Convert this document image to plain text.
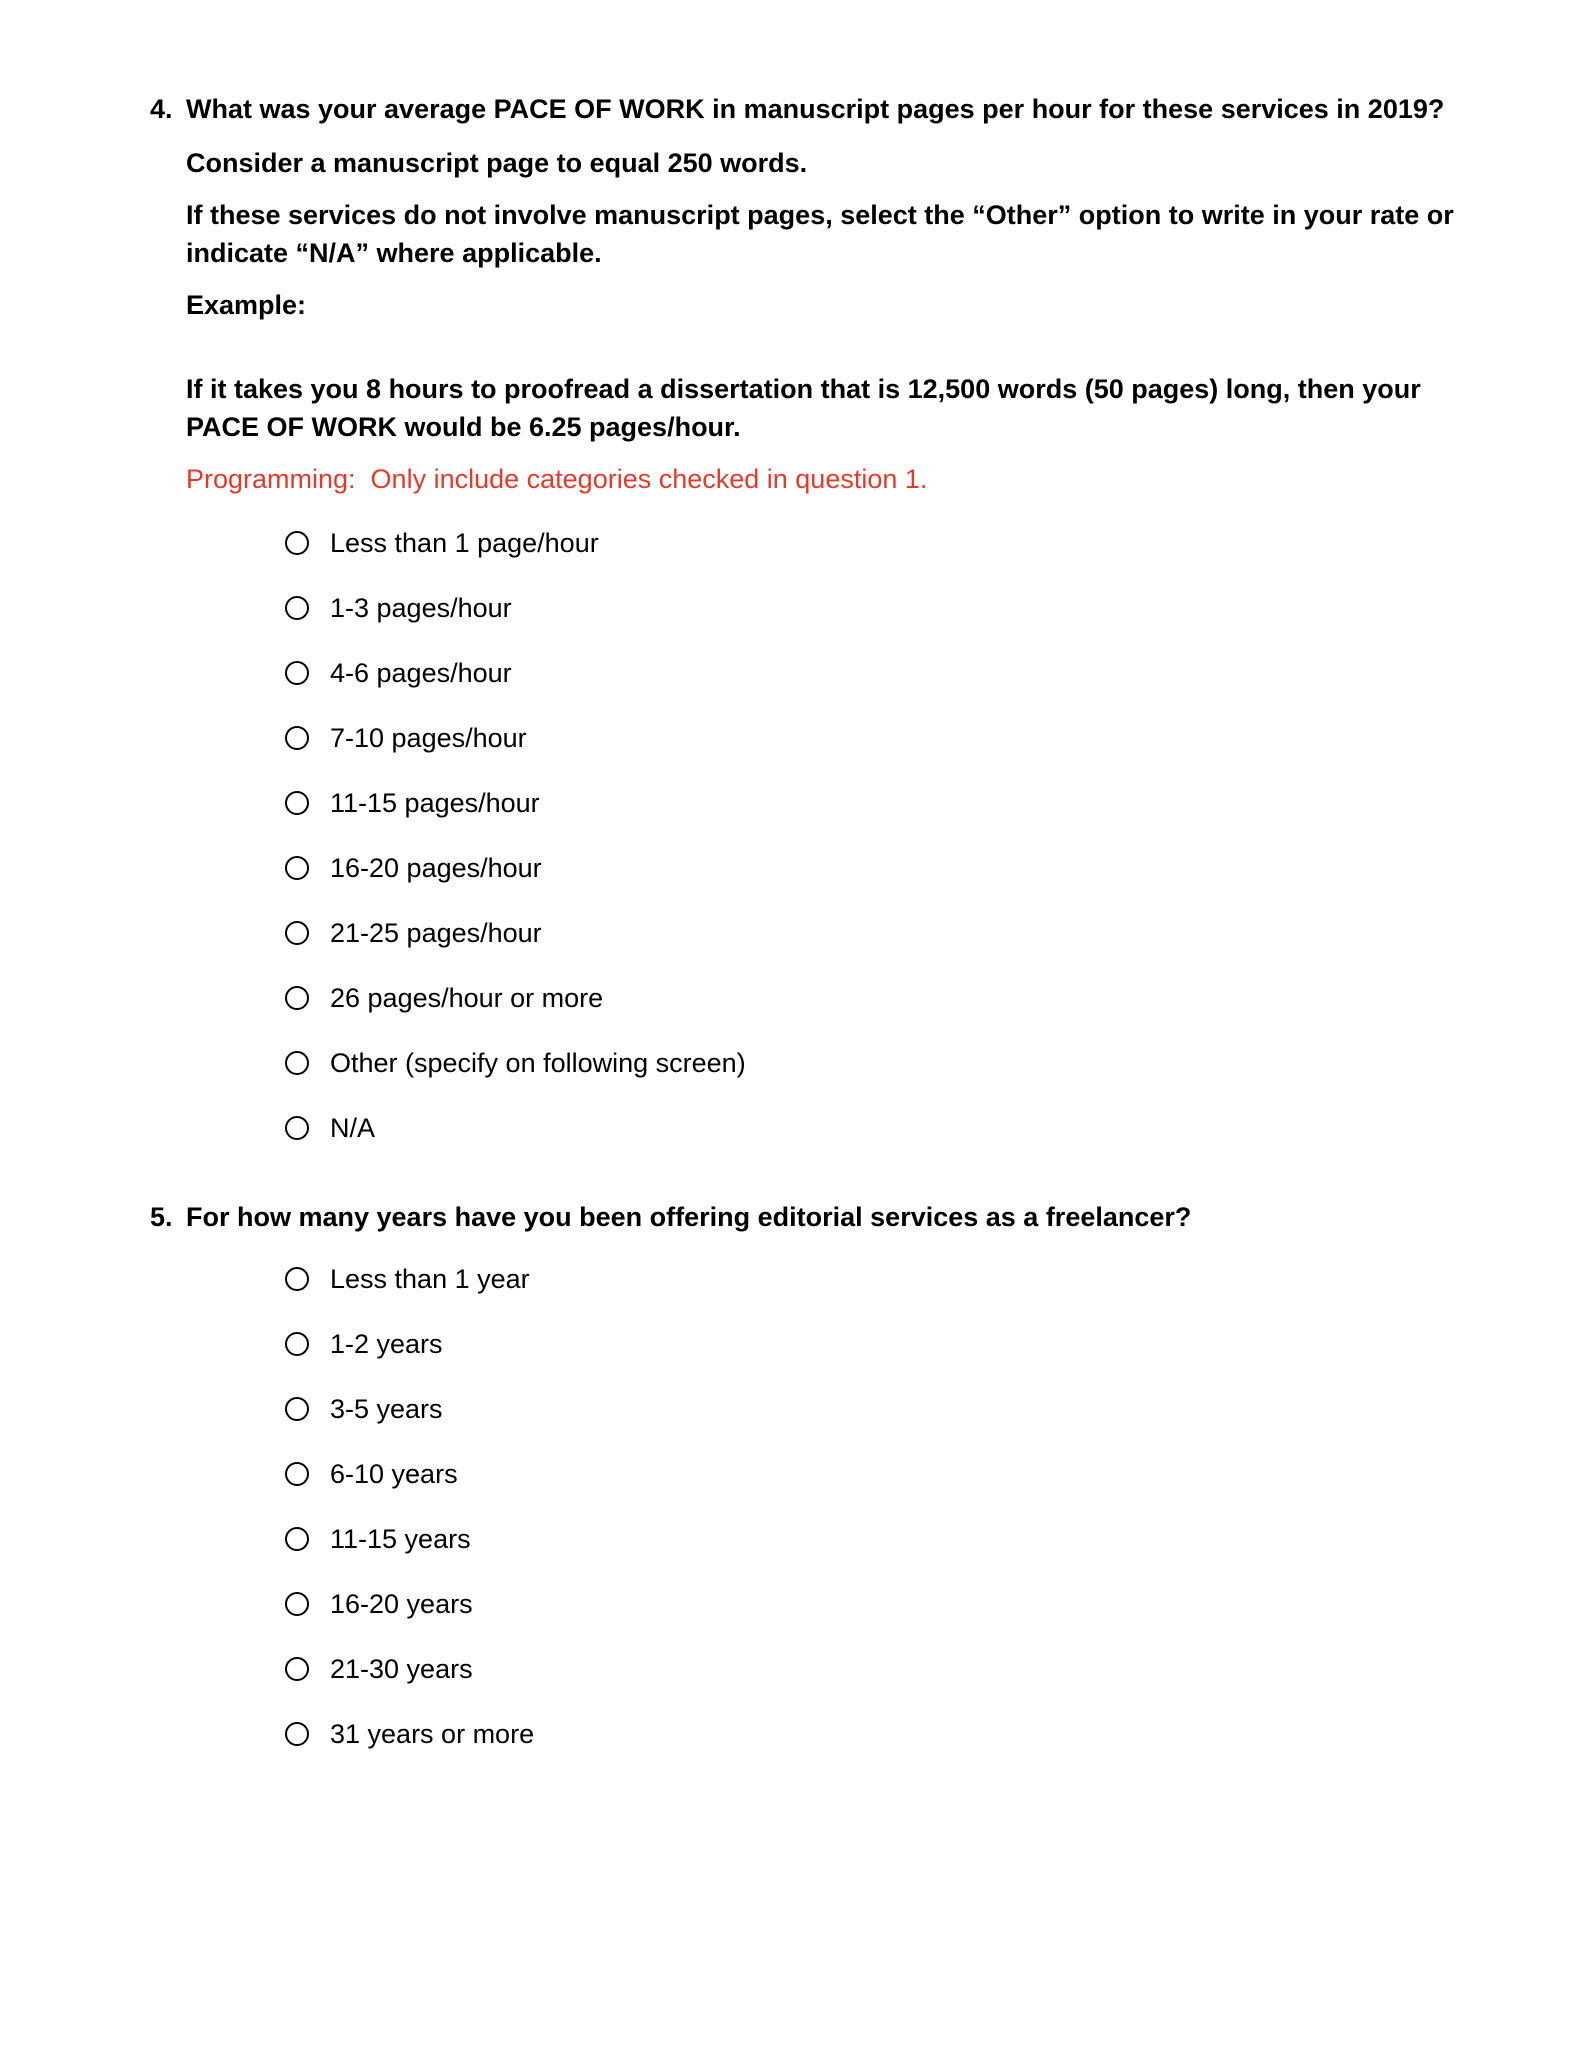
4. What was your average PACE OF WORK in manuscript pages per hour for these services in 2019?
Consider a manuscript page to equal 250 words.
If these services do not involve manuscript pages, select the “Other” option to write in your rate or indicate “N/A” where applicable.
Example:
If it takes you 8 hours to proofread a dissertation that is 12,500 words (50 pages) long, then your PACE OF WORK would be 6.25 pages/hour.
Programming:  Only include categories checked in question 1.
Less than 1 page/hour
1-3 pages/hour
4-6 pages/hour
7-10 pages/hour
11-15 pages/hour
16-20 pages/hour
21-25 pages/hour
26 pages/hour or more
Other (specify on following screen)
N/A
5. For how many years have you been offering editorial services as a freelancer?
Less than 1 year
1-2 years
3-5 years
6-10 years
11-15 years
16-20 years
21-30 years
31 years or more
